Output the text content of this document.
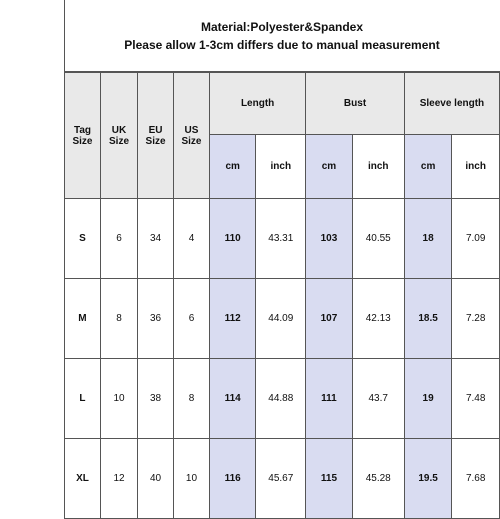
Material:Polyester&Spandex
Please allow 1-3cm differs due to manual measurement
Tag Size	UK Size	EU Size	US Size	Length		Bust		Sleeve length	
				cm	inch	cm	inch	cm	inch
S	6	34	4	110	43.31	103	40.55	18	7.09
M	8	36	6	112	44.09	107	42.13	18.5	7.28
L	10	38	8	114	44.88	111	43.7	19	7.48
XL	12	40	10	116	45.67	115	45.28	19.5	7.68
